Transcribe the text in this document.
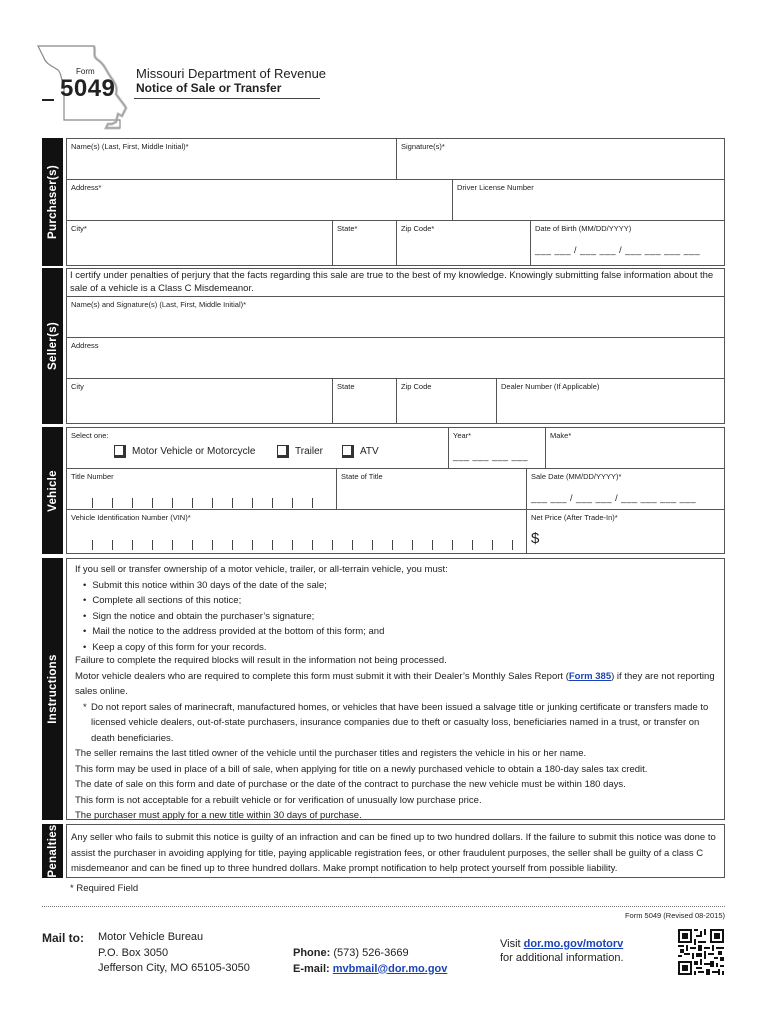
Form
5049
Missouri Department of Revenue
Notice of Sale or Transfer
Purchaser(s)
Name(s) (Last, First, Middle Initial)*	Signature(s)*
Address*	Driver License Number
City*	State*	Zip Code*	Date of Birth (MM/DD/YYYY)
___ ___ / ___ ___ / ___ ___ ___ ___
Seller(s)
I certify under penalties of perjury that the facts regarding this sale are true to the best of my knowledge. Knowingly submitting false information about the sale of a vehicle is a Class C Misdemeanor.
Name(s) and Signature(s) (Last, First, Middle Initial)*
Address
City	State	Zip Code	Dealer Number (If Applicable)
Vehicle
Select one:
Motor Vehicle or Motorcycle	Trailer	ATV
Year*
___ ___ ___ ___
Make*
Title Number	State of Title	Sale Date (MM/DD/YYYY)*
___ ___ / ___ ___ / ___ ___ ___ ___
Vehicle Identification Number (VIN)*	Net Price (After Trade-In)*
$
Instructions
If you sell or transfer ownership of a motor vehicle, trailer, or all-terrain vehicle, you must:
• Submit this notice within 30 days of the date of the sale;
• Complete all sections of this notice;
• Sign the notice and obtain the purchaser’s signature;
• Mail the notice to the address provided at the bottom of this form; and
• Keep a copy of this form for your records.
Failure to complete the required blocks will result in the information not being processed.
Motor vehicle dealers who are required to complete this form must submit it with their Dealer’s Monthly Sales Report (Form 385) if they are not reporting sales online.
* Do not report sales of marinecraft, manufactured homes, or vehicles that have been issued a salvage title or junking certificate or transfers made to licensed vehicle dealers, out-of-state purchasers, insurance companies due to theft or casualty loss, beneficiaries named in a trust, or transfer on death beneficiaries.
The seller remains the last titled owner of the vehicle until the purchaser titles and registers the vehicle in his or her name.
This form may be used in place of a bill of sale, when applying for title on a newly purchased vehicle to obtain a 180-day sales tax credit.
The date of sale on this form and date of purchase or the date of the contract to purchase the new vehicle must be within 180 days.
This form is not acceptable for a rebuilt vehicle or for verification of unusually low purchase price.
The purchaser must apply for a new title within 30 days of purchase.
Penalties Any seller who fails to submit this notice is guilty of an infraction and can be fined up to two hundred dollars. If the failure to submit this notice was done to assist the purchaser in avoiding applying for title, paying applicable registration fees, or other fraudulent purposes, the seller shall be guilty of a class C misdemeanor and can be fined up to three hundred dollars. Make prompt notification to help protect yourself from possible liability.
* Required Field
Form 5049 (Revised 08-2015)
Mail to: Motor Vehicle Bureau
P.O. Box 3050
Jefferson City, MO 65105-3050
Phone: (573) 526-3669
E-mail: mvbmail@dor.mo.gov
Visit dor.mo.gov/motorv
for additional information.
